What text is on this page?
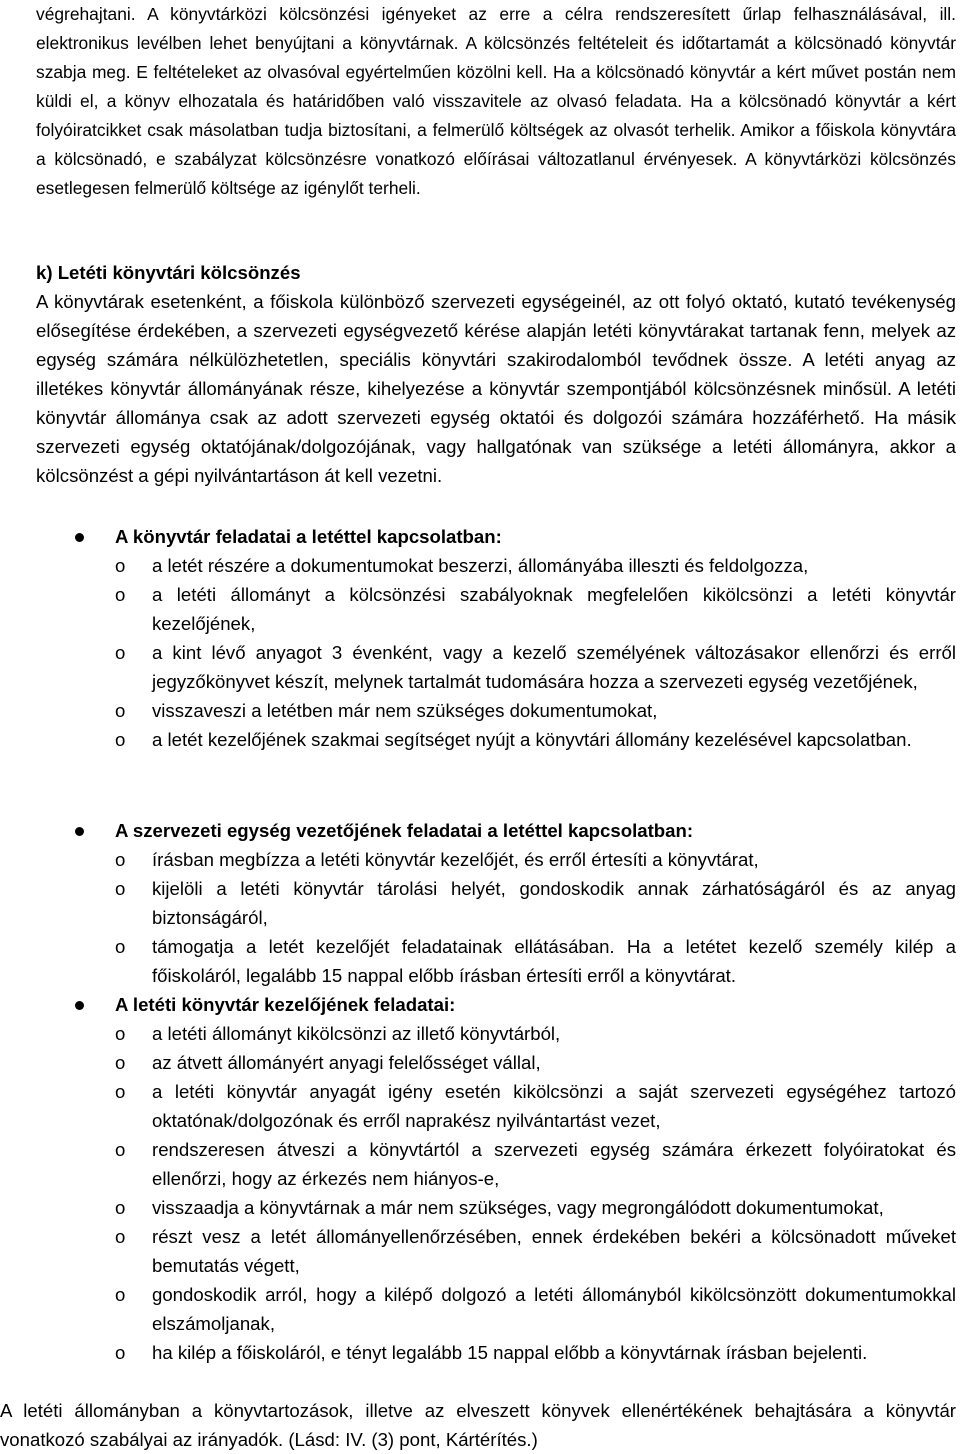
végrehajtani. A könyvtárközi kölcsönzési igényeket az erre a célra rendszeresített űrlap felhasználásával, ill. elektronikus levélben lehet benyújtani a könyvtárnak. A kölcsönzés feltételeit és időtartamát a kölcsönadó könyvtár szabja meg. E feltételeket az olvasóval egyértelműen közölni kell. Ha a kölcsönadó könyvtár a kért művet postán nem küldi el, a könyv elhozatala és határidőben való visszavitele az olvasó feladata. Ha a kölcsönadó könyvtár a kért folyóiratcikket csak másolatban tudja biztosítani, a felmerülő költségek az olvasót terhelik. Amikor a főiskola könyvtára a kölcsönadó, e szabályzat kölcsönzésre vonatkozó előírásai változatlanul érvényesek. A könyvtárközi kölcsönzés esetlegesen felmerülő költsége az igénylőt terheli.

k) Letéti könyvtári kölcsönzés

A könyvtárak esetenként, a főiskola különböző szervezeti egységeinél, az ott folyó oktató, kutató tevékenység elősegítése érdekében, a szervezeti egységvezető kérése alapján letéti könyvtárakat tartanak fenn, melyek az egység számára nélkülözhetetlen, speciális könyvtári szakirodalomból tevődnek össze. A letéti anyag az illetékes könyvtár állományának része, kihelyezése a könyvtár szempontjából kölcsönzésnek minősül. A letéti könyvtár állománya csak az adott szervezeti egység oktatói és dolgozói számára hozzáférhető. Ha másik szervezeti egység oktatójának/dolgozójának, vagy hallgatónak van szüksége a letéti állományra, akkor a kölcsönzést a gépi nyilvántartáson át kell vezetni.

A könyvtár feladatai a letéttel kapcsolatban:

o a letét részére a dokumentumokat beszerzi, állományába illeszti és feldolgozza,
o a letéti állományt a kölcsönzési szabályoknak megfelelően kikölcsönzi a letéti könyvtár kezelőjének,
o a kint lévő anyagot 3 évenként, vagy a kezelő személyének változásakor ellenőrzi és erről jegyzőkönyvet készít, melynek tartalmát tudomására hozza a szervezeti egység vezetőjének,
o visszaveszi a letétben már nem szükséges dokumentumokat,
o a letét kezelőjének szakmai segítséget nyújt a könyvtári állomány kezelésével kapcsolatban.

A szervezeti egység vezetőjének feladatai a letéttel kapcsolatban:

o írásban megbízza a letéti könyvtár kezelőjét, és erről értesíti a könyvtárat,
o kijelöli a letéti könyvtár tárolási helyét, gondoskodik annak zárhatóságáról és az anyag biztonságáról,
o támogatja a letét kezelőjét feladatainak ellátásában. Ha a letétet kezelő személy kilép a főiskoláról, legalább 15 nappal előbb írásban értesíti erről a könyvtárat.

A letéti könyvtár kezelőjének feladatai:

o a letéti állományt kikölcsönzi az illető könyvtárból,
o az átvett állományért anyagi felelősséget vállal,
o a letéti könyvtár anyagát igény esetén kikölcsönzi a saját szervezeti egységéhez tartozó oktatónak/dolgozónak és erről naprakész nyilvántartást vezet,
o rendszeresen átveszi a könyvtártól a szervezeti egység számára érkezett folyóiratokat és ellenőrzi, hogy az érkezés nem hiányos-e,
o visszaadja a könyvtárnak a már nem szükséges, vagy megrongálódott dokumentumokat,
o részt vesz a letét állományellenőrzésében, ennek érdekében bekéri a kölcsönadott műveket bemutatás végett,
o gondoskodik arról, hogy a kilépő dolgozó a letéti állományból kikölcsönzött dokumentumokkal elszámoljanak,
o ha kilép a főiskoláról, e tényt legalább 15 nappal előbb a könyvtárnak írásban bejelenti.

A letéti állományban a könyvtartozások, illetve az elveszett könyvek ellenértékének behajtására a könyvtár vonatkozó szabályai az irányadók. (Lásd: IV. (3) pont, Kártérítés.)
